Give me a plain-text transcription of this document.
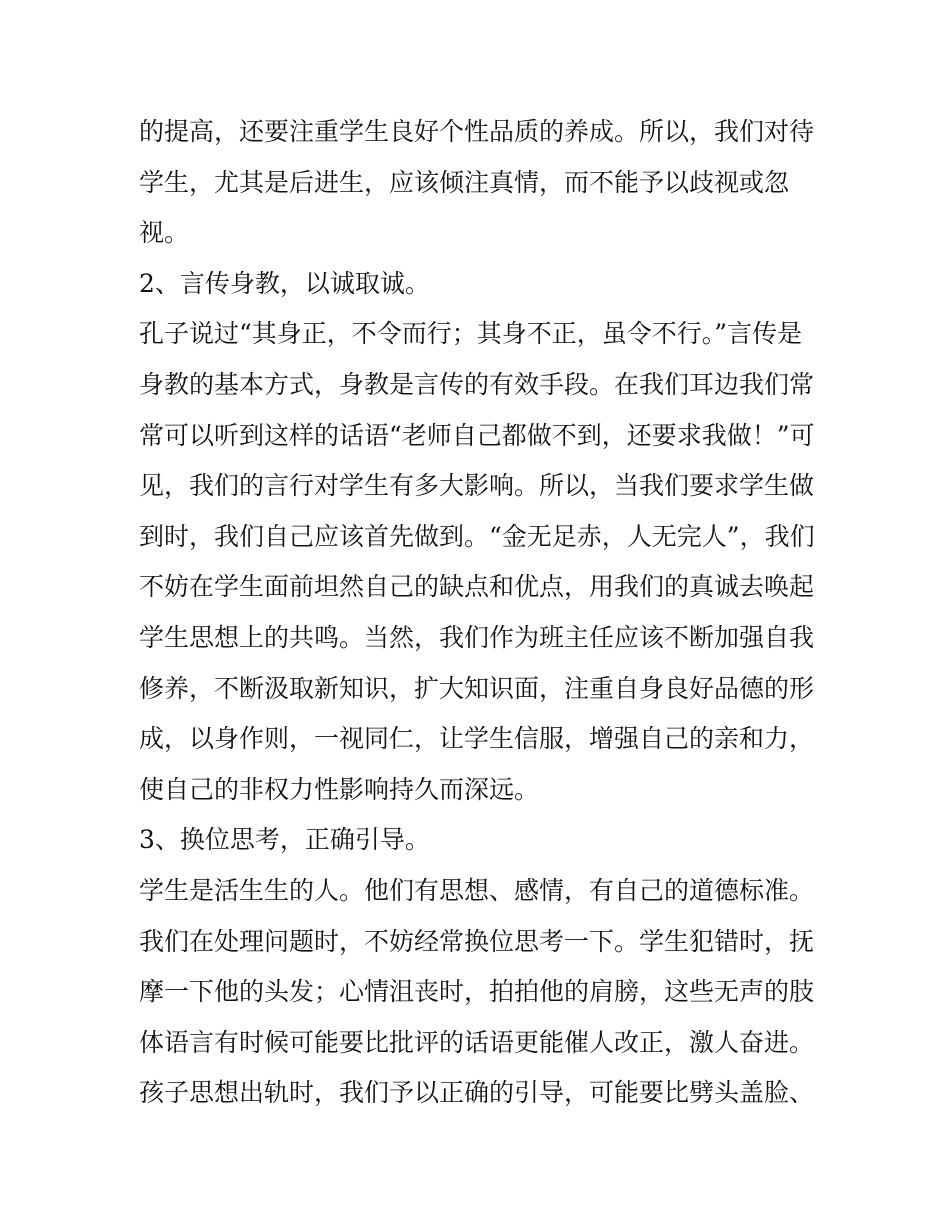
的提高，还要注重学生良好个性品质的养成。所以，我们对待
学生，尤其是后进生，应该倾注真情，而不能予以歧视或忽
视。
2、言传身教，以诚取诚。
孔子说过“其身正，不令而行；其身不正，虽令不行。”言传是
身教的基本方式，身教是言传的有效手段。在我们耳边我们常
常可以听到这样的话语“老师自己都做不到，还要求我做！”可
见，我们的言行对学生有多大影响。所以，当我们要求学生做
到时，我们自己应该首先做到。“金无足赤，人无完人”，我们
不妨在学生面前坦然自己的缺点和优点，用我们的真诚去唤起
学生思想上的共鸣。当然，我们作为班主任应该不断加强自我
修养，不断汲取新知识，扩大知识面，注重自身良好品德的形
成，以身作则，一视同仁，让学生信服，增强自己的亲和力，
使自己的非权力性影响持久而深远。
3、换位思考，正确引导。
学生是活生生的人。他们有思想、感情，有自己的道德标准。
我们在处理问题时，不妨经常换位思考一下。学生犯错时，抚
摩一下他的头发；心情沮丧时，拍拍他的肩膀，这些无声的肢
体语言有时候可能要比批评的话语更能催人改正，激人奋进。
孩子思想出轨时，我们予以正确的引导，可能要比劈头盖脸、
